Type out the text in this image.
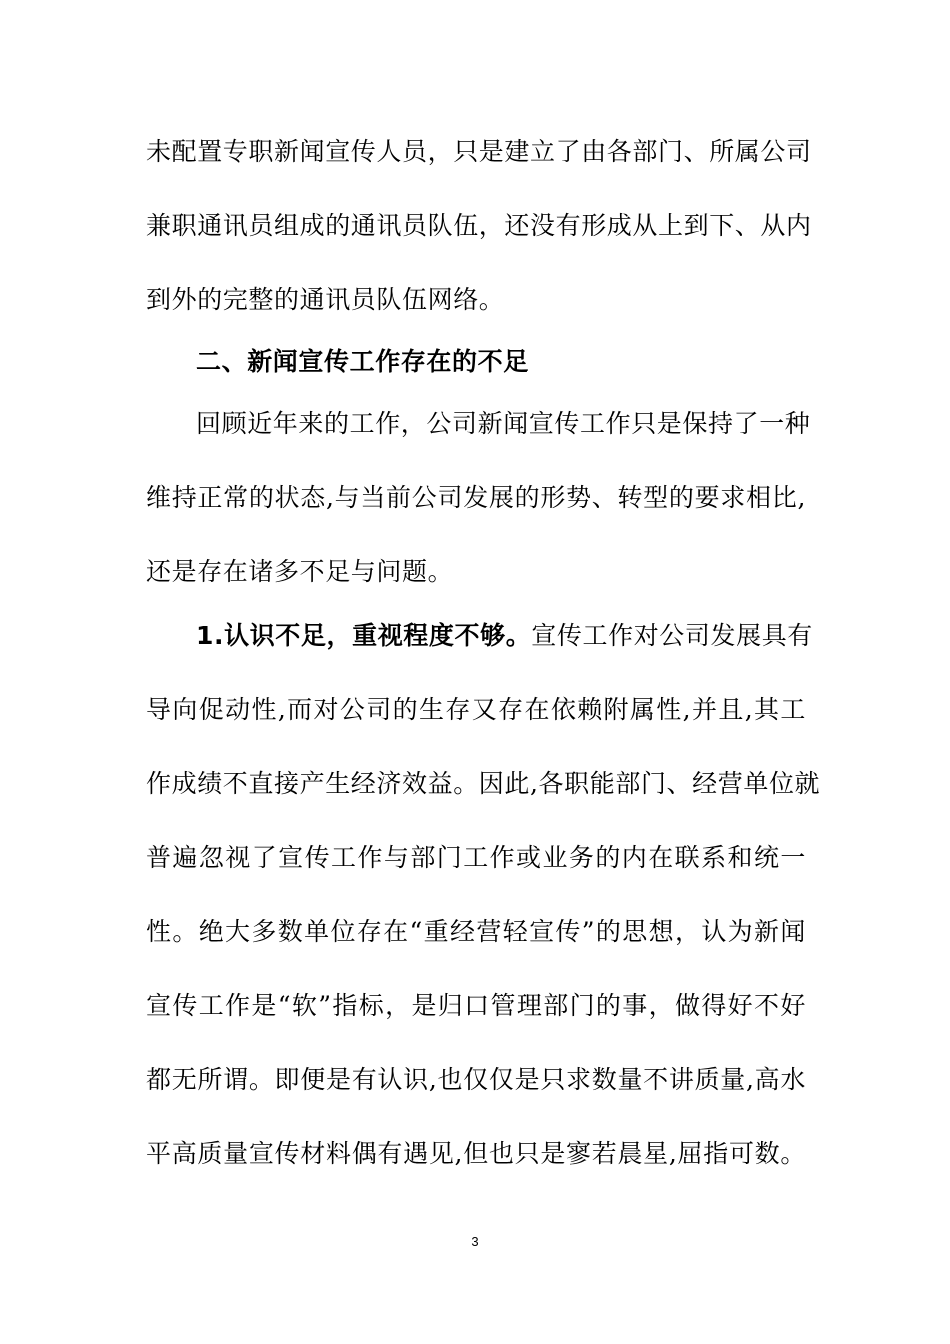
未配置专职新闻宣传人员，只是建立了由各部门、所属公司
兼职通讯员组成的通讯员队伍，还没有形成从上到下、从内
到外的完整的通讯员队伍网络。
二、新闻宣传工作存在的不足
回顾近年来的工作，公司新闻宣传工作只是保持了一种
维持正常的状态,与当前公司发展的形势、转型的要求相比,
还是存在诸多不足与问题。
1.认识不足，重视程度不够。宣传工作对公司发展具有
导向促动性,而对公司的生存又存在依赖附属性,并且,其工
作成绩不直接产生经济效益。因此,各职能部门、经营单位就
普遍忽视了宣传工作与部门工作或业务的内在联系和统一
性。绝大多数单位存在“重经营轻宣传”的思想，认为新闻
宣传工作是“软”指标，是归口管理部门的事，做得好不好
都无所谓。即便是有认识,也仅仅是只求数量不讲质量,高水
平高质量宣传材料偶有遇见,但也只是寥若晨星,屈指可数。
3
